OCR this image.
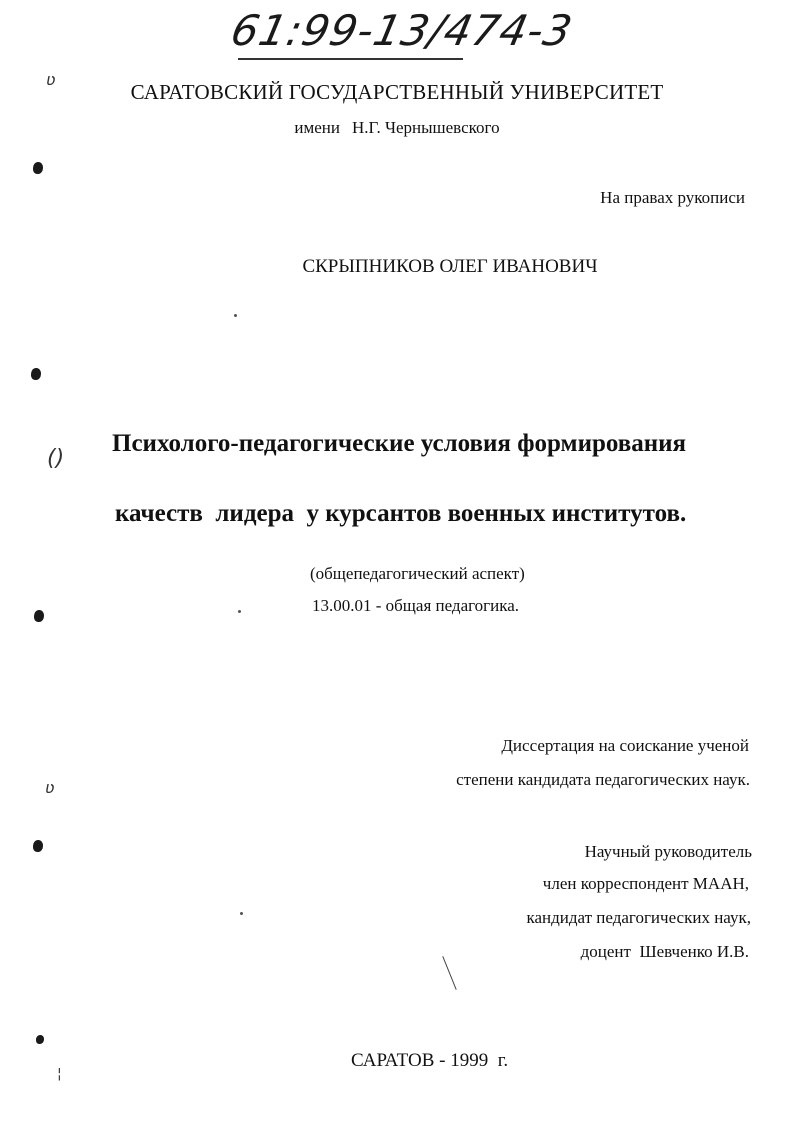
61:99-13/474-3
САРАТОВСКИЙ ГОСУДАРСТВЕННЫЙ УНИВЕРСИТЕТ
имени Н.Г. Чернышевского
На правах рукописи
СКРЫПНИКОВ ОЛЕГ ИВАНОВИЧ
Психолого-педагогические условия формирования
качеств  лидера  у курсантов военных институтов.
(общепедагогический аспект)
13.00.01 - общая педагогика.
Диссертация на соискание ученой
степени кандидата педагогических наук.
Научный руководитель
член корреспондент МААН,
кандидат педагогических наук,
доцент  Шевченко И.В.
САРАТОВ - 1999  г.
ʋ
()
ʋ
¦
